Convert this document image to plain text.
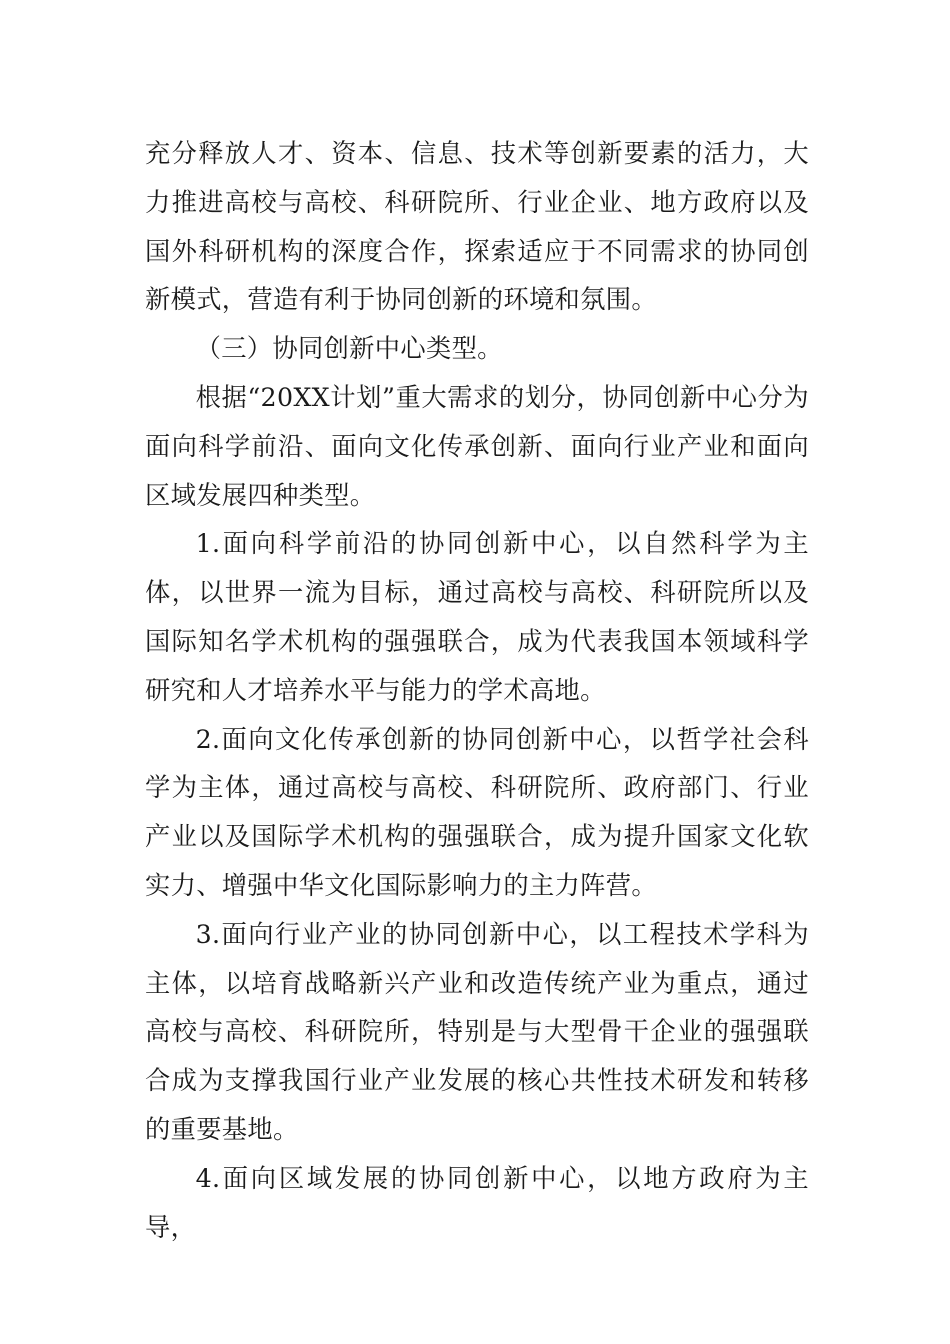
充分释放人才、资本、信息、技术等创新要素的活力，大力推进高校与高校、科研院所、行业企业、地方政府以及国外科研机构的深度合作，探索适应于不同需求的协同创新模式，营造有利于协同创新的环境和氛围。

（三）协同创新中心类型。

根据“20XX计划”重大需求的划分，协同创新中心分为面向科学前沿、面向文化传承创新、面向行业产业和面向区域发展四种类型。

1.面向科学前沿的协同创新中心，以自然科学为主体，以世界一流为目标，通过高校与高校、科研院所以及国际知名学术机构的强强联合，成为代表我国本领域科学研究和人才培养水平与能力的学术高地。

2.面向文化传承创新的协同创新中心，以哲学社会科学为主体，通过高校与高校、科研院所、政府部门、行业产业以及国际学术机构的强强联合，成为提升国家文化软实力、增强中华文化国际影响力的主力阵营。

3.面向行业产业的协同创新中心，以工程技术学科为主体，以培育战略新兴产业和改造传统产业为重点，通过高校与高校、科研院所，特别是与大型骨干企业的强强联合成为支撑我国行业产业发展的核心共性技术研发和转移的重要基地。

4.面向区域发展的协同创新中心，以地方政府为主导，
